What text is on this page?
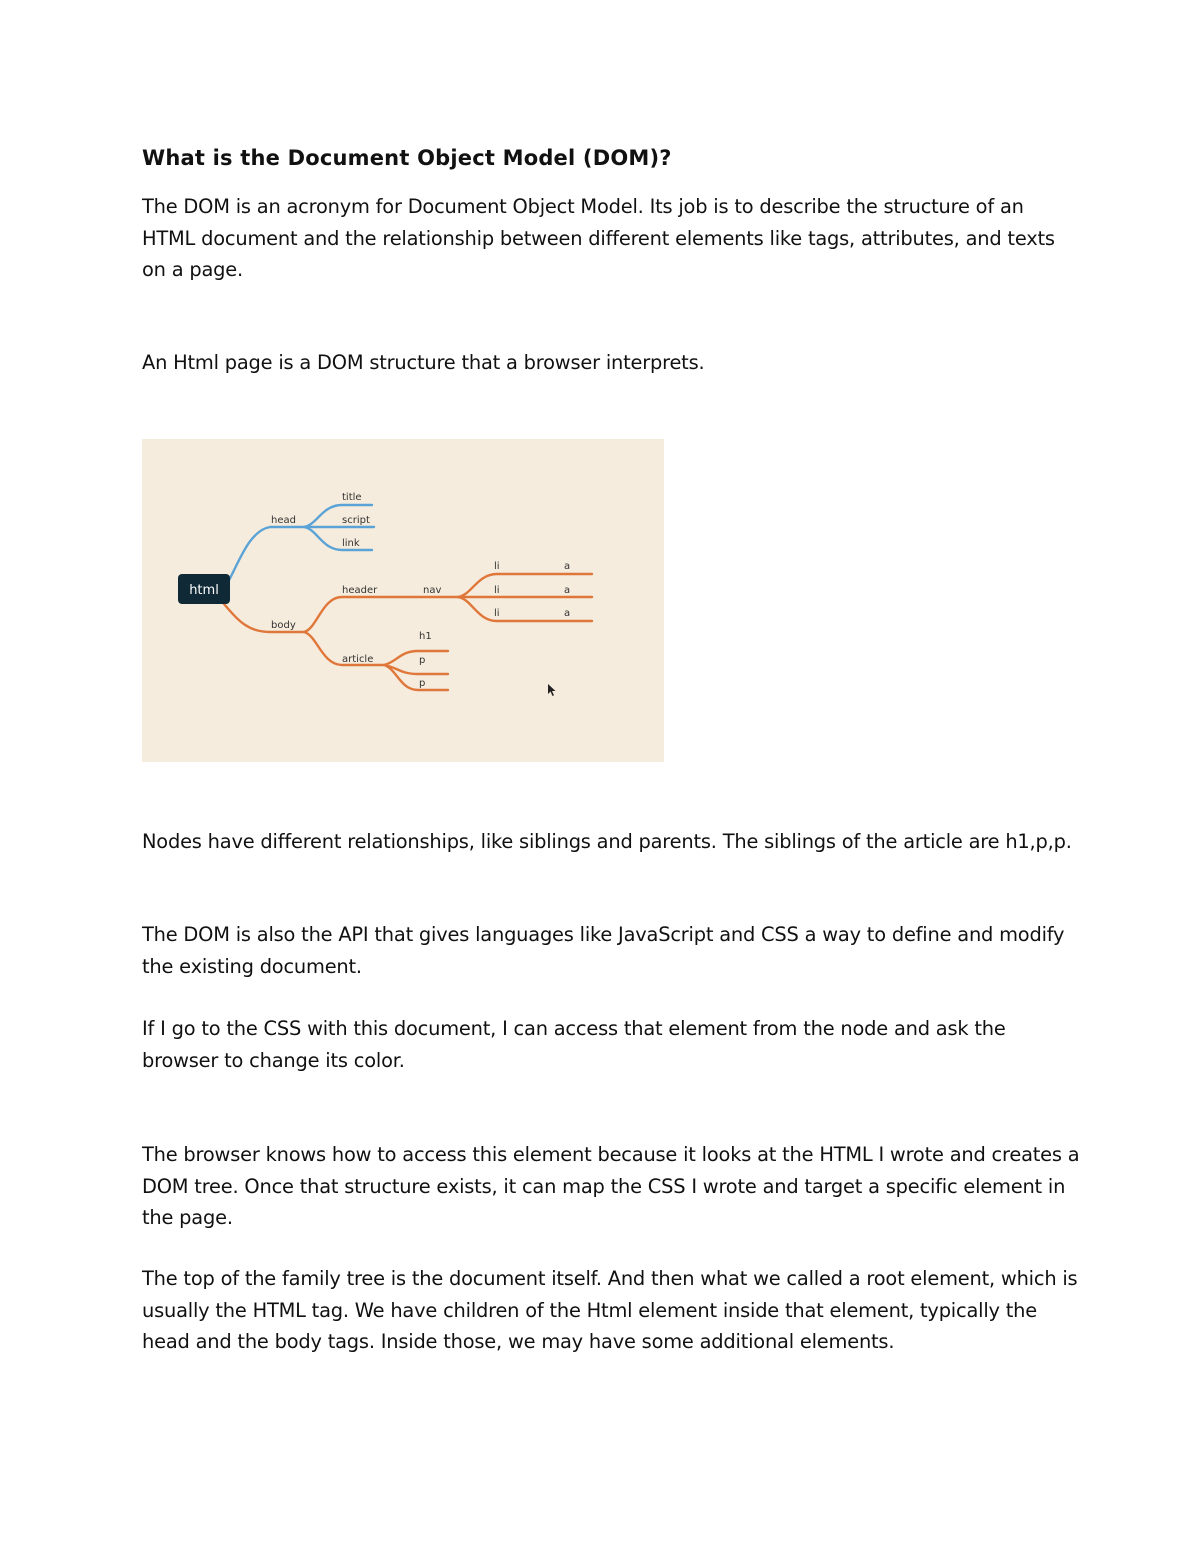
What is the Document Object Model (DOM)?

The DOM is an acronym for Document Object Model. Its job is to describe the structure of an HTML document and the relationship between different elements like tags, attributes, and texts on a page.

An Html page is a DOM structure that a browser interprets.

html
head
title
script
link
body
header	nav
article
h1
p
p
li
li
li
a
a
a

Nodes have different relationships, like siblings and parents. The siblings of the article are h1,p,p.

The DOM is also the API that gives languages like JavaScript and CSS a way to define and modify the existing document.

If I go to the CSS with this document, I can access that element from the node and ask the browser to change its color.

The browser knows how to access this element because it looks at the HTML I wrote and creates a DOM tree. Once that structure exists, it can map the CSS I wrote and target a specific element in the page.

The top of the family tree is the document itself. And then what we called a root element, which is usually the HTML tag. We have children of the Html element inside that element, typically the head and the body tags. Inside those, we may have some additional elements.
